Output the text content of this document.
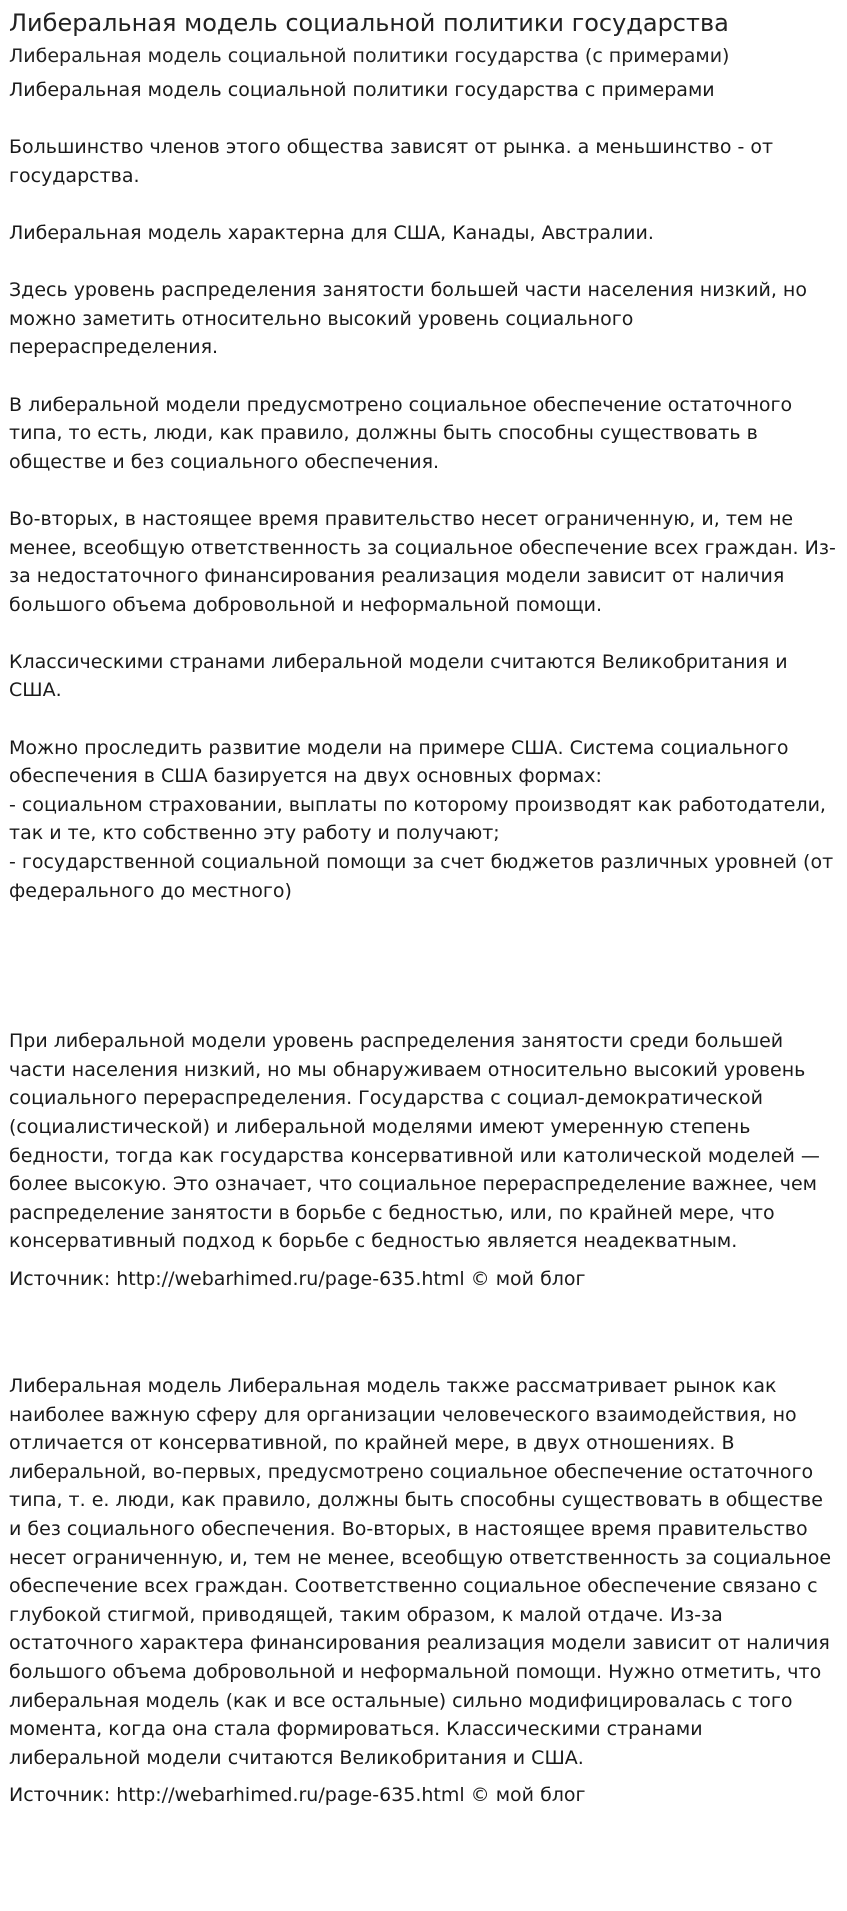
Либеральная модель социальной политики государства
Либеральная модель социальной политики государства (с примерами)

Либеральная модель социальной политики государства с примерами

Большинство членов этого общества зависят от рынка. а меньшинство - от государства.

Либеральная модель характерна для США, Канады, Австралии.

Здесь уровень распределения занятости большей части населения низкий, но можно заметить относительно высокий уровень социального перераспределения.

В либеральной модели предусмотрено социальное обеспечение остаточного типа, то есть, люди, как правило, должны быть способны существовать в обществе и без социального обеспечения.

Во-вторых, в настоящее время правительство несет ограниченную, и, тем не менее, всеобщую ответственность за социальное обеспечение всех граждан. Из-за недостаточного финансирования реализация модели зависит от наличия большого объема добровольной и неформальной помощи.

Классическими странами либеральной модели считаются Великобритания и США.

Можно проследить развитие модели на примере США. Система социального обеспечения в США базируется на двух основных формах:
- социальном страховании, выплаты по которому производят как работодатели, так и те, кто собственно эту работу и получают;
- государственной социальной помощи за счет бюджетов различных уровней (от федерального до местного)

При либеральной модели уровень распределения занятости среди большей части населения низкий, но мы обнаруживаем относительно высокий уровень социального перераспределения. Государства с социал-демократической (социалистической) и либеральной моделями имеют умеренную степень бедности, тогда как государства консервативной или католической моделей — более высокую. Это означает, что социальное перераспределение важнее, чем распределение занятости в борьбе с бедностью, или, по крайней мере, что консервативный подход к борьбе с бедностью является неадекватным.

Источник: http://webarhimed.ru/page-635.html © мой блог

Либеральная модель Либеральная модель также рассматривает рынок как наиболее важную сферу для организации человеческого взаимодействия, но отличается от консервативной, по крайней мере, в двух отношениях. В либеральной, во-первых, предусмотрено социальное обеспечение остаточного типа, т. е. люди, как правило, должны быть способны существовать в обществе и без социального обеспечения. Во-вторых, в настоящее время правительство несет ограниченную, и, тем не менее, всеобщую ответственность за социальное обеспечение всех граждан. Соответственно социальное обеспечение связано с глубокой стигмой, приводящей, таким образом, к малой отдаче. Из-за остаточного характера финансирования реализация модели зависит от наличия большого объема добровольной и неформальной помощи. Нужно отметить, что либеральная модель (как и все остальные) сильно модифицировалась с того момента, когда она стала формироваться. Классическими странами либеральной модели считаются Великобритания и США.

Источник: http://webarhimed.ru/page-635.html © мой блог
